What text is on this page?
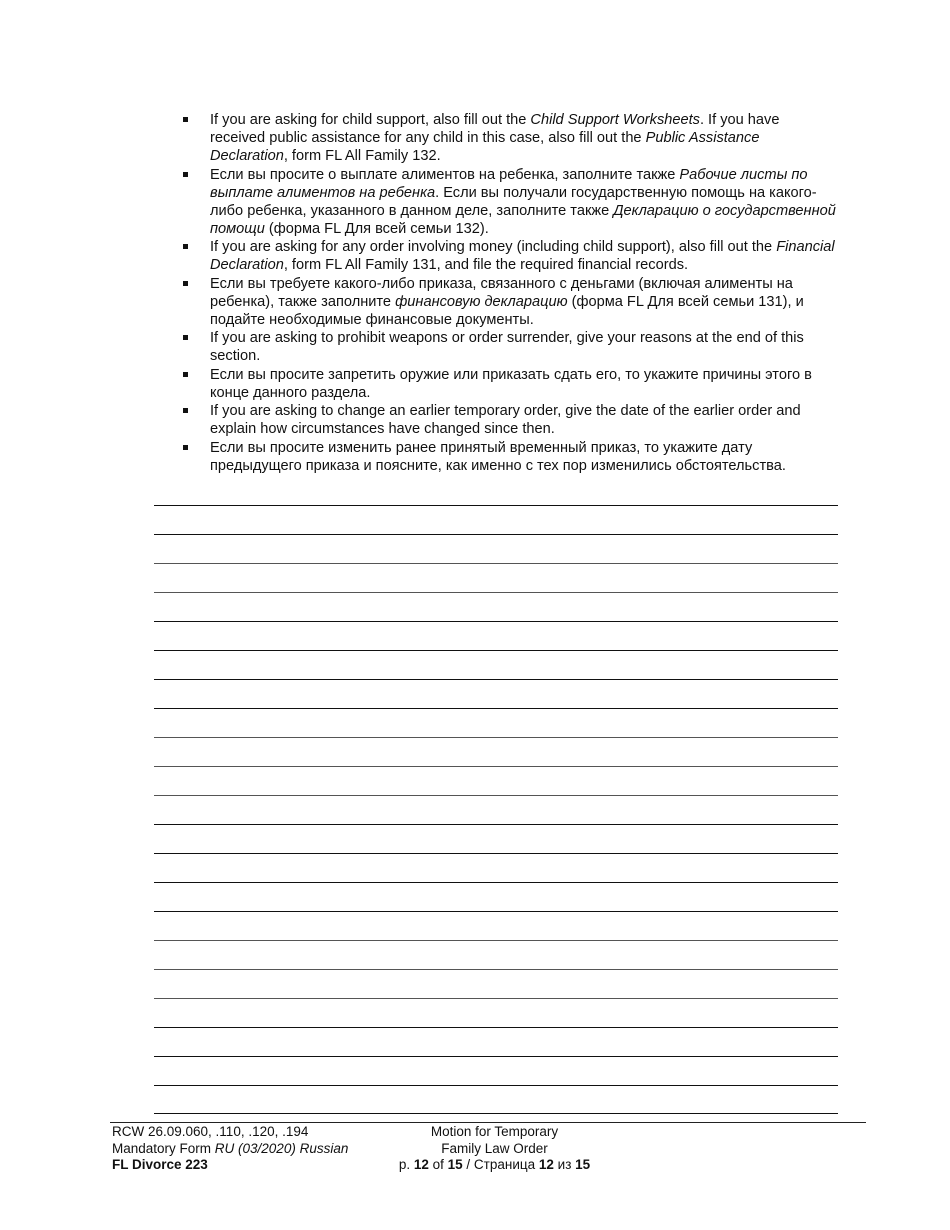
If you are asking for child support, also fill out the Child Support Worksheets. If you have received public assistance for any child in this case, also fill out the Public Assistance Declaration, form FL All Family 132.
Если вы просите о выплате алиментов на ребенка, заполните также Рабочие листы по выплате алиментов на ребенка. Если вы получали государственную помощь на какого-либо ребенка, указанного в данном деле, заполните также Декларацию о государственной помощи (форма FL Для всей семьи 132).
If you are asking for any order involving money (including child support), also fill out the Financial Declaration, form FL All Family 131, and file the required financial records.
Если вы требуете какого-либо приказа, связанного с деньгами (включая алименты на ребенка), также заполните финансовую декларацию (форма FL Для всей семьи 131), и подайте необходимые финансовые документы.
If you are asking to prohibit weapons or order surrender, give your reasons at the end of this section.
Если вы просите запретить оружие или приказать сдать его, то укажите причины этого в конце данного раздела.
If you are asking to change an earlier temporary order, give the date of the earlier order and explain how circumstances have changed since then.
Если вы просите изменить ранее принятый временный приказ, то укажите дату предыдущего приказа и поясните, как именно с тех пор изменились обстоятельства.
RCW 26.09.060, .110, .120, .194
Mandatory Form RU (03/2020) Russian
FL Divorce 223
Motion for Temporary
Family Law Order
p. 12 of 15 / Страница 12 из 15
